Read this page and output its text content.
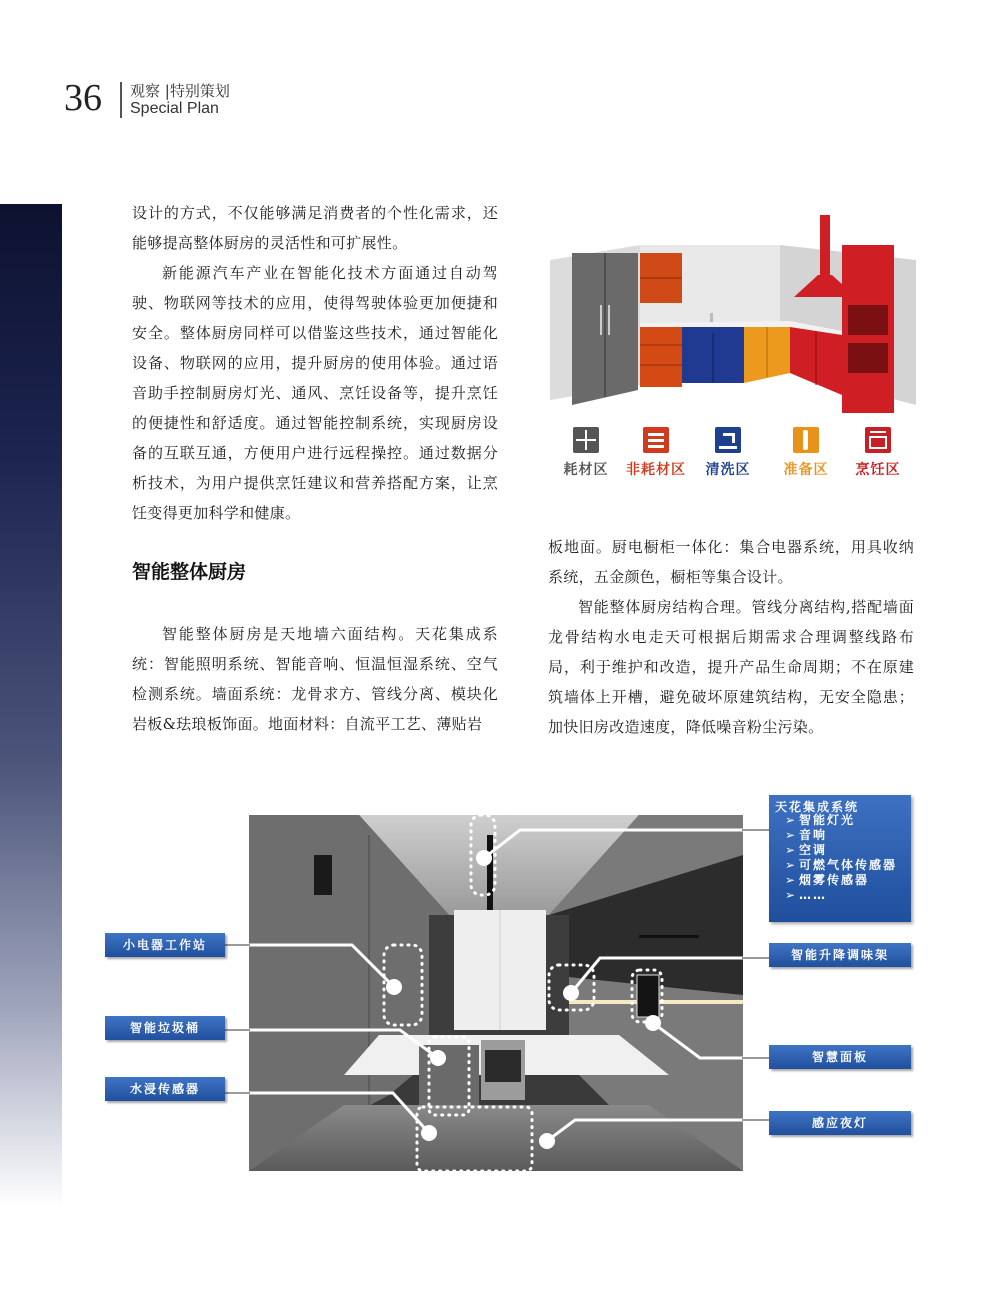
36 观察 |特别策划
Special Plan

设计的方式，不仅能够满足消费者的个性化需求，还能够提高整体厨房的灵活性和可扩展性。

新能源汽车产业在智能化技术方面通过自动驾驶、物联网等技术的应用，使得驾驶体验更加便捷和安全。整体厨房同样可以借鉴这些技术，通过智能化设备、物联网的应用，提升厨房的使用体验。通过语音助手控制厨房灯光、通风、烹饪设备等，提升烹饪的便捷性和舒适度。通过智能控制系统，实现厨房设备的互联互通，方便用户进行远程操控。通过数据分析技术，为用户提供烹饪建议和营养搭配方案，让烹饪变得更加科学和健康。

智能整体厨房

智能整体厨房是天地墙六面结构。天花集成系统：智能照明系统、智能音响、恒温恒湿系统、空气检测系统。墙面系统：龙骨求方、管线分离、模块化岩板&珐琅板饰面。地面材料：自流平工艺、薄贴岩

板地面。厨电橱柜一体化：集合电器系统，用具收纳系统，五金颜色，橱柜等集合设计。

智能整体厨房结构合理。管线分离结构,搭配墙面龙骨结构水电走天可根据后期需求合理调整线路布局，利于维护和改造，提升产品生命周期；不在原建筑墙体上开槽，避免破坏原建筑结构，无安全隐患；加快旧房改造速度，降低噪音粉尘污染。

耗材区	非耗材区	清洗区	准备区	烹饪区
小电器工作站
智能垃圾桶
水浸传感器
智能升降调味架
智慧面板
感应夜灯
天花集成系统
➢ 智能灯光
➢ 音响
➢ 空调
➢ 可燃气体传感器
➢ 烟雾传感器
➢ ……
